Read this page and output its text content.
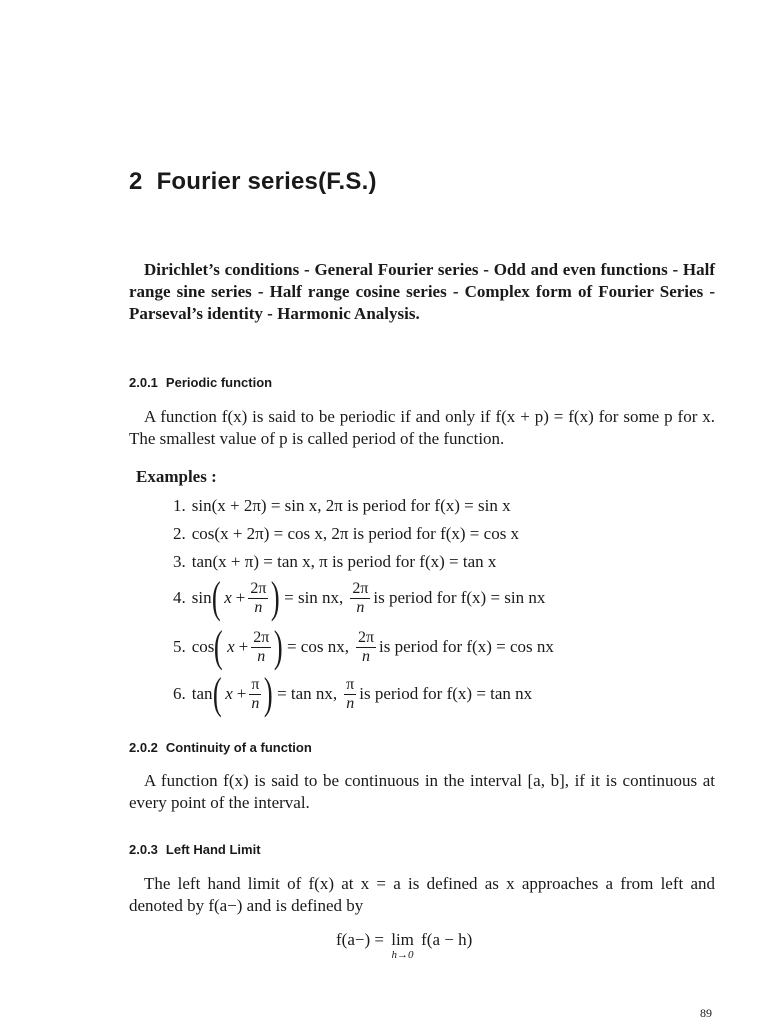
2 Fourier series(F.S.)
Dirichlet’s conditions - General Fourier series - Odd and even functions - Half range sine series - Half range cosine series - Complex form of Fourier Series - Parseval’s identity - Harmonic Analysis.
2.0.1 Periodic function
A function f(x) is said to be periodic if and only if f(x + p) = f(x) for some p for x. The smallest value of p is called period of the function.
Examples :
1. sin(x + 2π) = sin x, 2π is period for f(x) = sin x
2. cos(x + 2π) = cos x, 2π is period for f(x) = cos x
3. tan(x + π) = tan x, π is period for f(x) = tan x
4. sin ( $x + \frac{2\pi}{n}$ ) = sin nx, $\frac{2\pi}{n}$ is period for f(x) = sin nx
5. cos ( $x + \frac{2\pi}{n}$ ) = cos nx, $\frac{2\pi}{n}$ is period for f(x) = cos nx
6. tan ( $x + \frac{\pi}{n}$ ) = tan nx, $\frac{\pi}{n}$ is period for f(x) = tan nx
2.0.2 Continuity of a function
A function f(x) is said to be continuous in the interval [a, b], if it is continuous at every point of the interval.
2.0.3 Left Hand Limit
The left hand limit of f(x) at x = a is defined as x approaches a from left and denoted by f(a−) and is defined by
f(a−) = lim
h→0
f(a − h)
89
